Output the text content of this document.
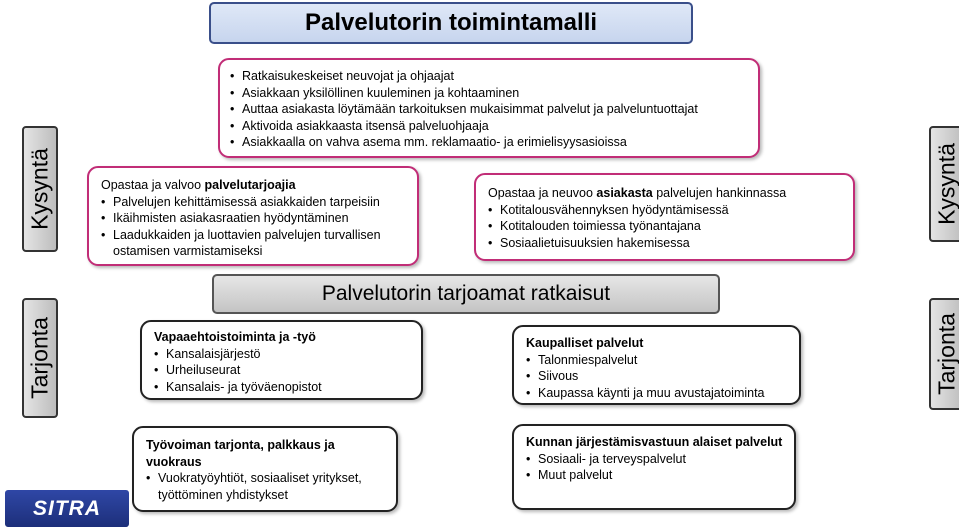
Palvelutorin toimintamalli
• Ratkaisukeskeiset neuvojat ja ohjaajat
• Asiakkaan yksilöllinen kuuleminen ja kohtaaminen
• Auttaa asiakasta löytämään tarkoituksen mukaisimmat palvelut ja palveluntuottajat
• Aktivoida asiakkaasta itsensä palveluohjaaja
• Asiakkaalla on vahva asema mm. reklamaatio- ja erimielisyysasioissa
Kysyntä	Kysyntä
Tarjonta	Tarjonta
Opastaa ja valvoo palvelutarjoajia
• Palvelujen kehittämisessä asiakkaiden tarpeisiin
• Ikäihmisten asiakasraatien hyödyntäminen
• Laadukkaiden ja luottavien palvelujen turvallisen ostamisen varmistamiseksi
Opastaa ja neuvoo asiakasta palvelujen hankinnassa
• Kotitalousvähennyksen hyödyntämisessä
• Kotitalouden toimiessa työnantajana
• Sosiaalietuisuuksien hakemisessa
Palvelutorin tarjoamat ratkaisut
Vapaaehtoistoiminta ja -työ
• Kansalaisjärjestö
• Urheiluseurat
• Kansalais- ja työväenopistot
Kaupalliset palvelut
• Talonmiespalvelut
• Siivous
• Kaupassa käynti ja muu avustajatoiminta
Työvoiman tarjonta, palkkaus ja vuokraus
• Vuokratyöyhtiöt, sosiaaliset yritykset, työttöminen yhdistykset
Kunnan järjestämisvastuun alaiset palvelut
• Sosiaali- ja terveyspalvelut
• Muut palvelut
SITRA
